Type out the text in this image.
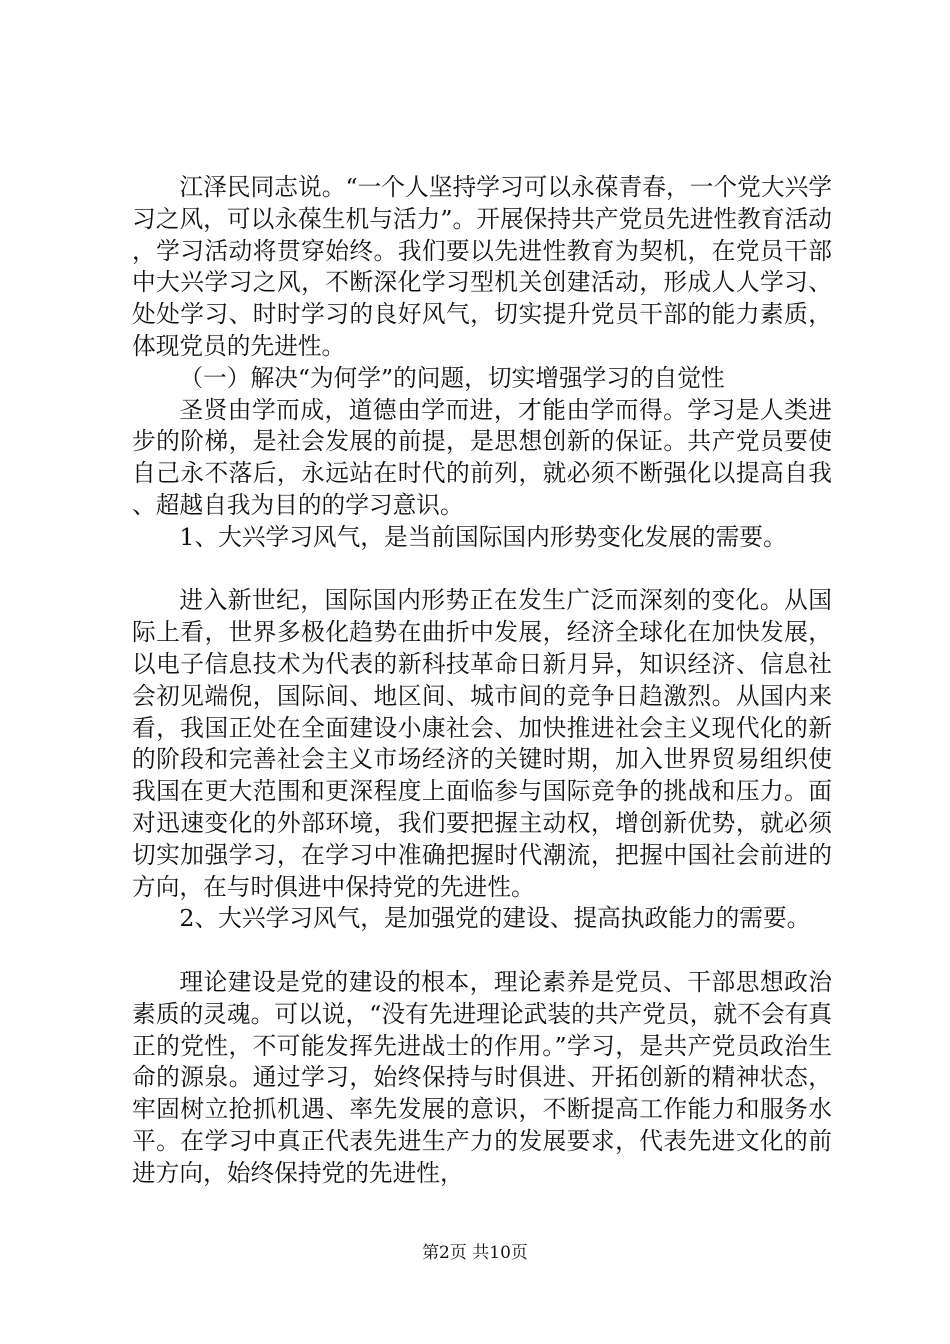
江泽民同志说。“一个人坚持学习可以永葆青春，一个党大兴学习之风，可以永葆生机与活力”。开展保持共产党员先进性教育活动，学习活动将贯穿始终。我们要以先进性教育为契机，在党员干部中大兴学习之风，不断深化学习型机关创建活动，形成人人学习、处处学习、时时学习的良好风气，切实提升党员干部的能力素质，体现党员的先进性。

（一）解决“为何学”的问题，切实增强学习的自觉性

圣贤由学而成，道德由学而进，才能由学而得。学习是人类进步的阶梯，是社会发展的前提，是思想创新的保证。共产党员要使自己永不落后，永远站在时代的前列，就必须不断强化以提高自我、超越自我为目的的学习意识。

1、大兴学习风气，是当前国际国内形势变化发展的需要。

进入新世纪，国际国内形势正在发生广泛而深刻的变化。从国际上看，世界多极化趋势在曲折中发展，经济全球化在加快发展，以电子信息技术为代表的新科技革命日新月异，知识经济、信息社会初见端倪，国际间、地区间、城市间的竞争日趋激烈。从国内来看，我国正处在全面建设小康社会、加快推进社会主义现代化的新的阶段和完善社会主义市场经济的关键时期，加入世界贸易组织使我国在更大范围和更深程度上面临参与国际竞争的挑战和压力。面对迅速变化的外部环境，我们要把握主动权，增创新优势，就必须切实加强学习，在学习中准确把握时代潮流，把握中国社会前进的方向，在与时俱进中保持党的先进性。

2、大兴学习风气，是加强党的建设、提高执政能力的需要。

理论建设是党的建设的根本，理论素养是党员、干部思想政治素质的灵魂。可以说，“没有先进理论武装的共产党员，就不会有真正的党性，不可能发挥先进战士的作用。”学习，是共产党员政治生命的源泉。通过学习，始终保持与时俱进、开拓创新的精神状态，牢固树立抢抓机遇、率先发展的意识，不断提高工作能力和服务水平。在学习中真正代表先进生产力的发展要求，代表先进文化的前进方向，始终保持党的先进性，

第2页 共10页
